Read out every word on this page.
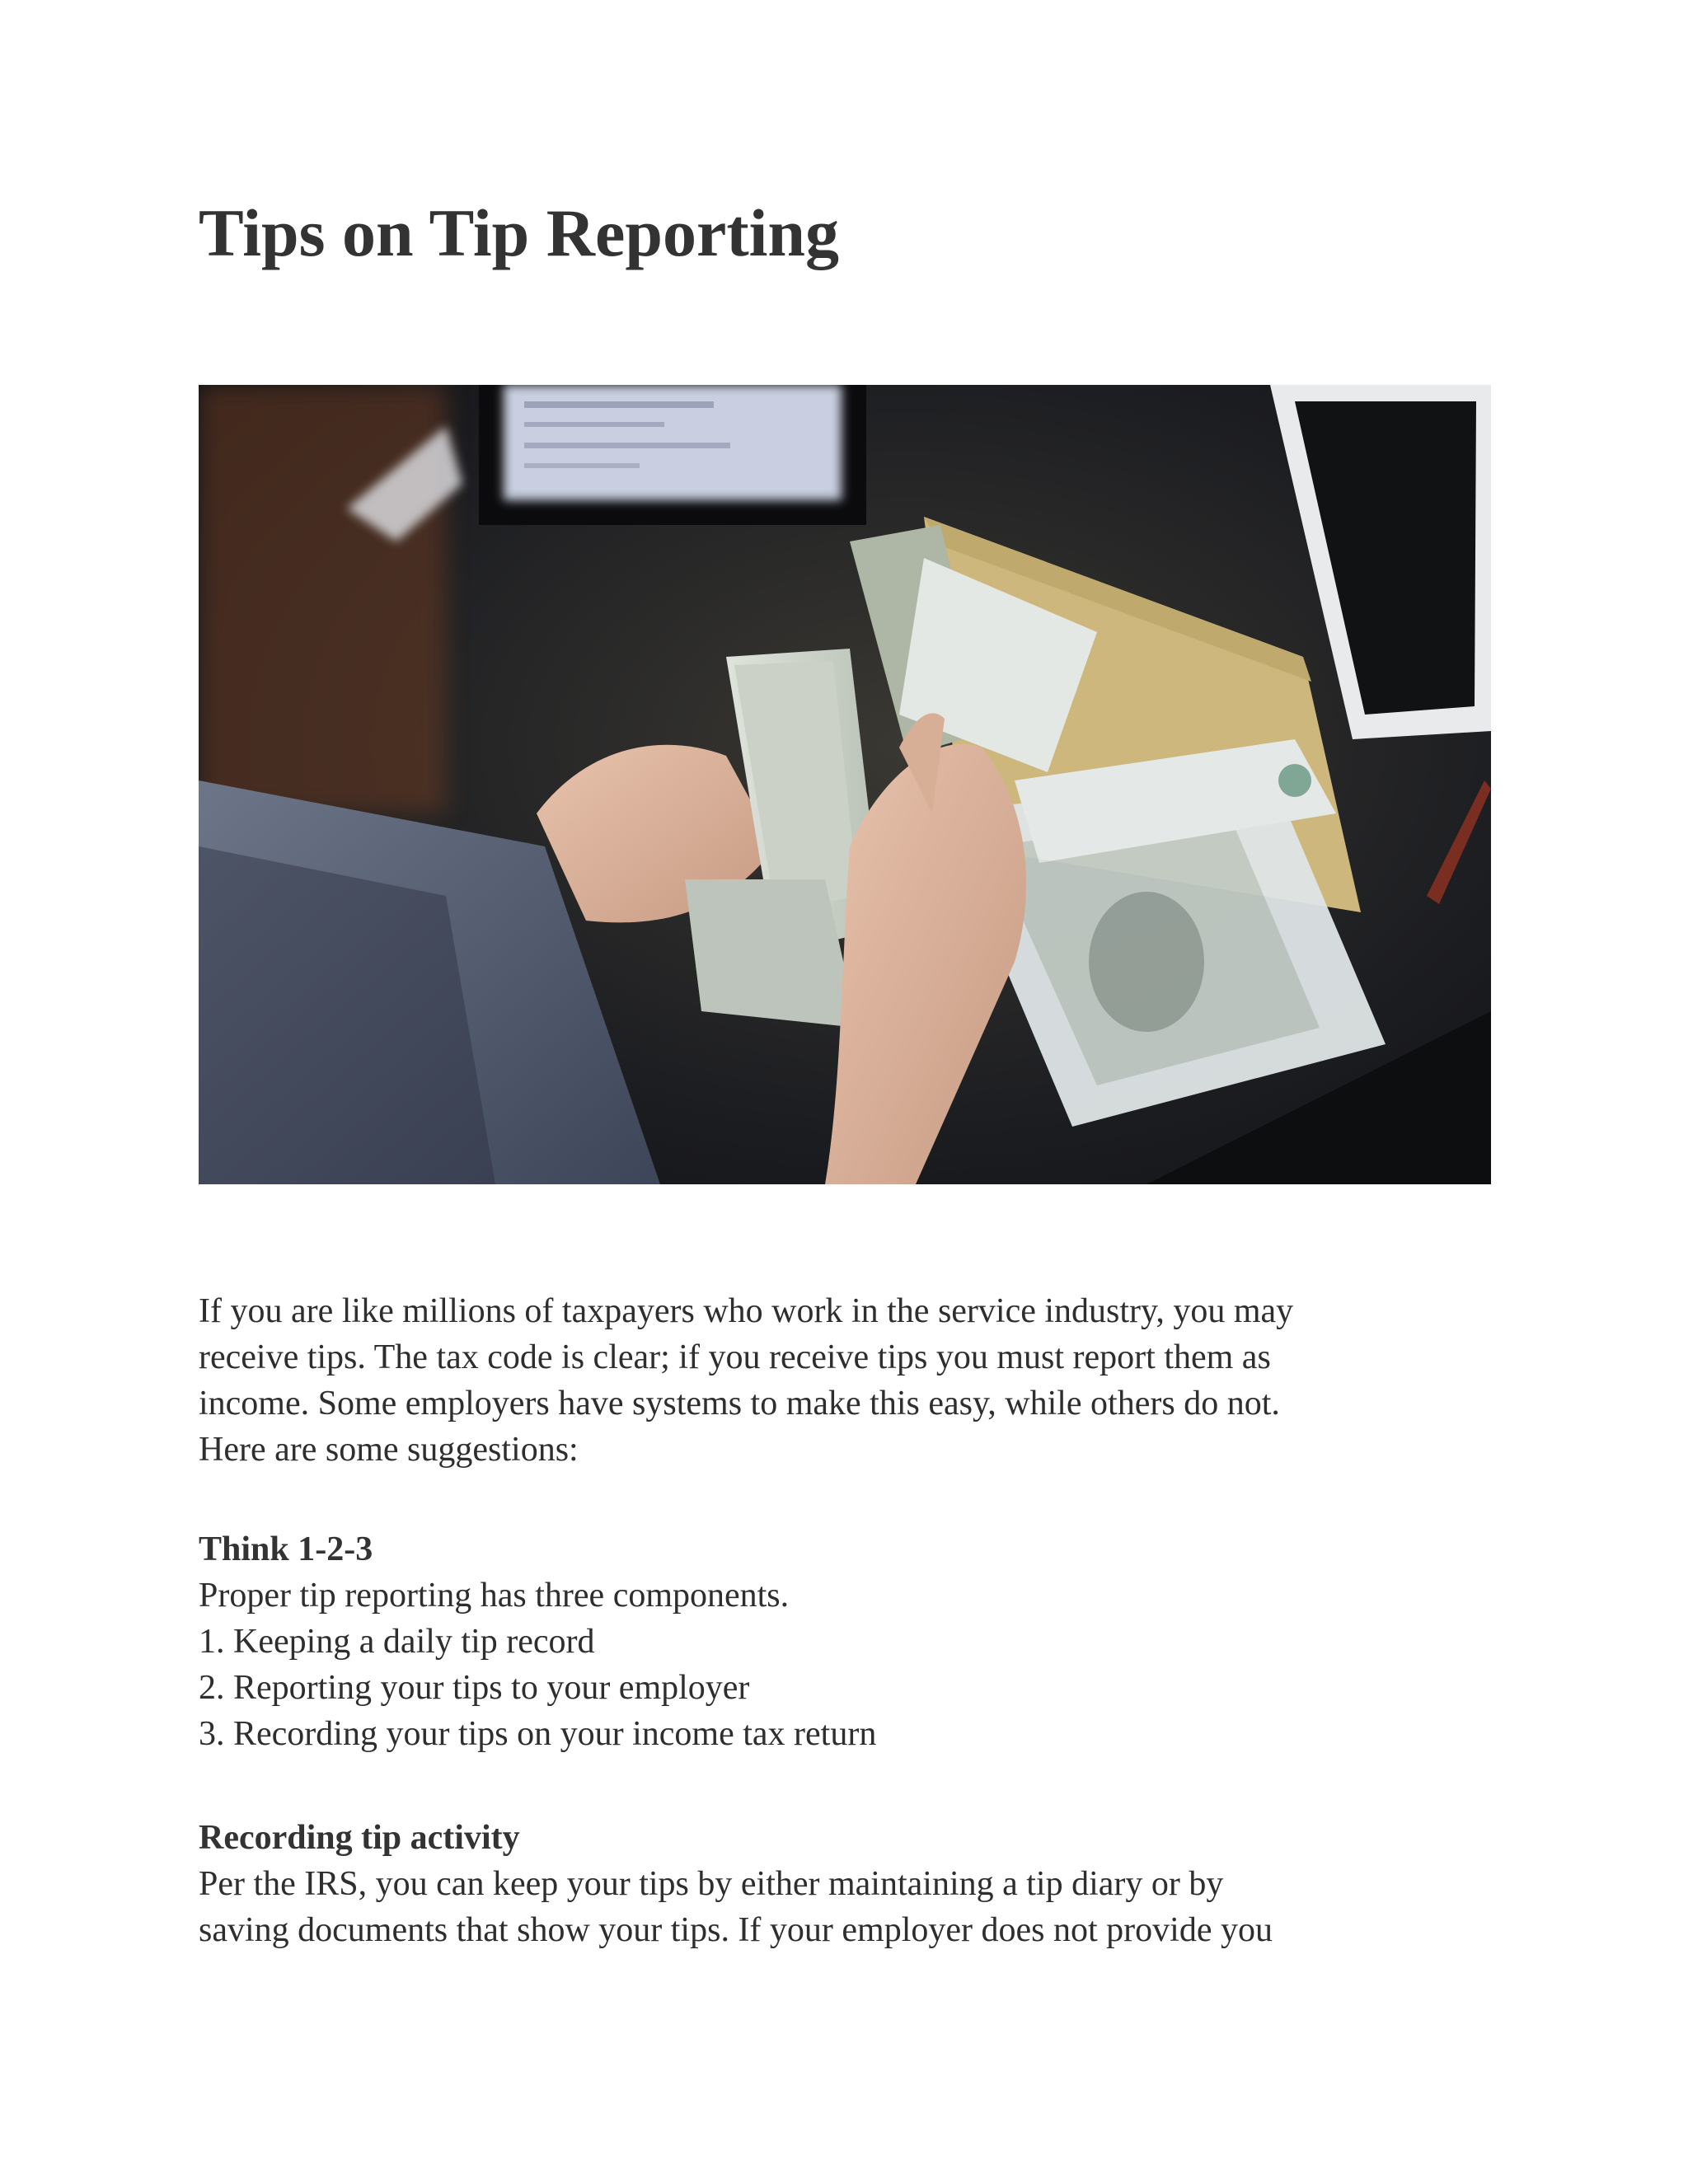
Tips on Tip Reporting
If you are like millions of taxpayers who work in the service industry, you may
receive tips. The tax code is clear; if you receive tips you must report them as
income. Some employers have systems to make this easy, while others do not.
Here are some suggestions:
Think 1-2-3
Proper tip reporting has three components.
1. Keeping a daily tip record
2. Reporting your tips to your employer
3. Recording your tips on your income tax return
Recording tip activity
Per the IRS, you can keep your tips by either maintaining a tip diary or by
saving documents that show your tips. If your employer does not provide you
